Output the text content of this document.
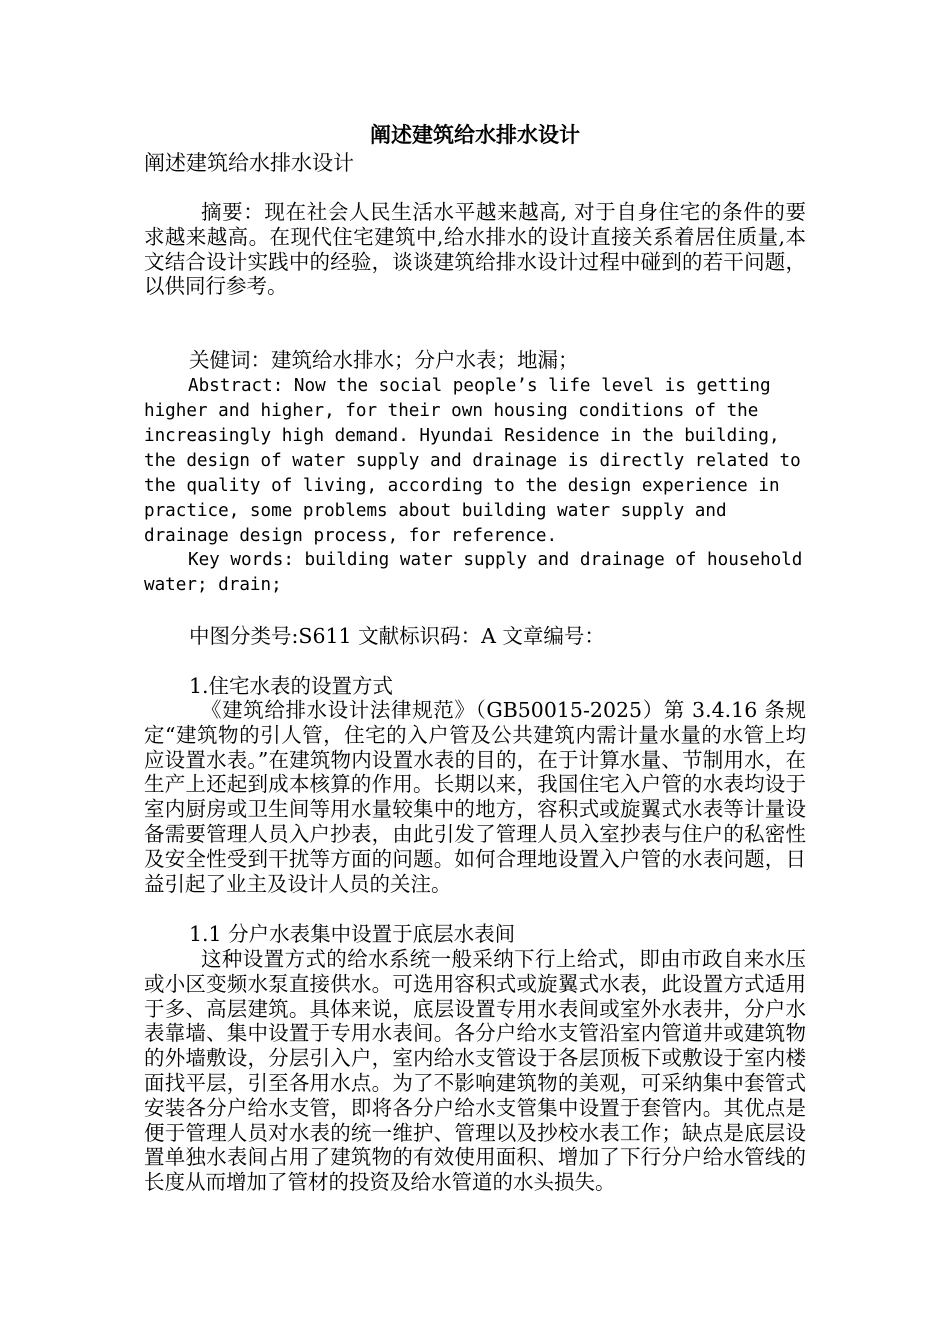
阐述建筑给水排水设计
阐述建筑给水排水设计

摘要：现在社会人民生活水平越来越高, 对于自身住宅的条件的要求越来越高。在现代住宅建筑中,给水排水的设计直接关系着居住质量,本文结合设计实践中的经验，谈谈建筑给排水设计过程中碰到的若干问题，以供同行参考。

关健词：建筑给水排水；分户水表；地漏；

Abstract: Now the social people’s life level is getting higher and higher, for their own housing conditions of the increasingly high demand. Hyundai Residence in the building, the design of water supply and drainage is directly related to the quality of living, according to the design experience in practice, some problems about building water supply and drainage design process, for reference.

Key words: building water supply and drainage of household water; drain;

中图分类号:S611 文献标识码：A 文章编号：

1.住宅水表的设置方式

《建筑给排水设计法律规范》（GB50015-2025）第 3.4.16 条规定“建筑物的引人管，住宅的入户管及公共建筑内需计量水量的水管上均应设置水表。”在建筑物内设置水表的目的，在于计算水量、节制用水，在生产上还起到成本核算的作用。长期以来，我国住宅入户管的水表均设于室内厨房或卫生间等用水量较集中的地方，容积式或旋翼式水表等计量设备需要管理人员入户抄表，由此引发了管理人员入室抄表与住户的私密性及安全性受到干扰等方面的问题。如何合理地设置入户管的水表问题，日益引起了业主及设计人员的关注。

1.1 分户水表集中设置于底层水表间

这种设置方式的给水系统一般采纳下行上给式，即由市政自来水压或小区变频水泵直接供水。可选用容积式或旋翼式水表，此设置方式适用于多、高层建筑。具体来说，底层设置专用水表间或室外水表井，分户水表靠墙、集中设置于专用水表间。各分户给水支管沿室内管道井或建筑物的外墙敷设，分层引入户，室内给水支管设于各层顶板下或敷设于室内楼面找平层，引至各用水点。为了不影响建筑物的美观，可采纳集中套管式安装各分户给水支管，即将各分户给水支管集中设置于套管内。其优点是便于管理人员对水表的统一维护、管理以及抄校水表工作；缺点是底层设置单独水表间占用了建筑物的有效使用面积、增加了下行分户给水管线的长度从而增加了管材的投资及给水管道的水头损失。
